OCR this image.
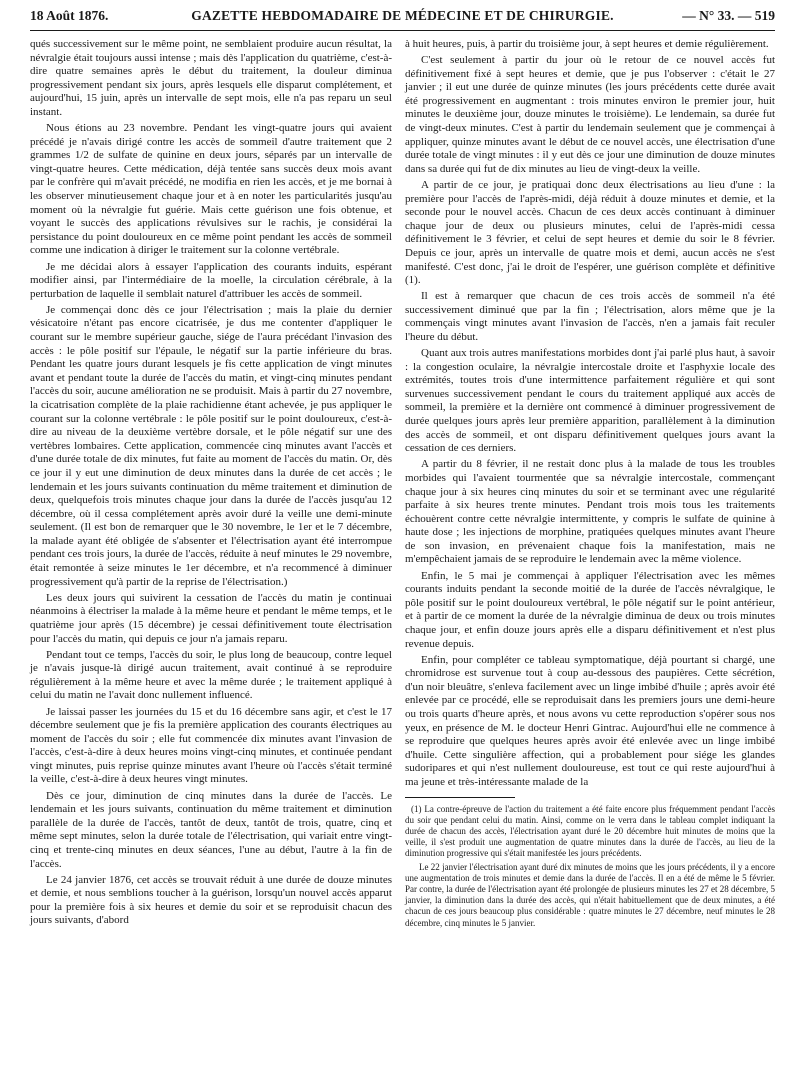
18 Août 1876.	GAZETTE HEBDOMADAIRE DE MÉDECINE ET DE CHIRURGIE.	— N° 33. — 519

qués successivement sur le même point, ne semblaient produire aucun résultat, la névralgie était toujours aussi intense ; mais dès l'application du quatrième, c'est-à-dire quatre semaines après le début du traitement, la douleur diminua progressivement pendant six jours, après lesquels elle disparut complétement, et aujourd'hui, 15 juin, après un intervalle de sept mois, elle n'a pas reparu un seul instant.

Nous étions au 23 novembre. Pendant les vingt-quatre jours qui avaient précédé je n'avais dirigé contre les accès de sommeil d'autre traitement que 2 grammes 1/2 de sulfate de quinine en deux jours, séparés par un intervalle de vingt-quatre heures. Cette médication, déjà tentée sans succès deux mois avant par le confrère qui m'avait précédé, ne modifia en rien les accès, et je me bornai à les observer minutieusement chaque jour et à en noter les particularités jusqu'au moment où la névralgie fut guérie. Mais cette guérison une fois obtenue, et voyant le succès des applications révulsives sur le rachis, je considérai la persistance du point douloureux en ce même point pendant les accès de sommeil comme une indication à diriger le traitement sur la colonne vertébrale.

Je me décidai alors à essayer l'application des courants induits, espérant modifier ainsi, par l'intermédiaire de la moelle, la circulation cérébrale, à la perturbation de laquelle il semblait naturel d'attribuer les accès de sommeil.

Je commençai donc dès ce jour l'électrisation ; mais la plaie du dernier vésicatoire n'étant pas encore cicatrisée, je dus me contenter d'appliquer le courant sur le membre supérieur gauche, siége de l'aura précédant l'invasion des accès : le pôle positif sur l'épaule, le négatif sur la partie inférieure du bras. Pendant les quatre jours durant lesquels je fis cette application de vingt minutes avant et pendant toute la durée de l'accès du matin, et vingt-cinq minutes pendant l'accès du soir, aucune amélioration ne se produisit. Mais à partir du 27 novembre, la cicatrisation complète de la plaie rachidienne étant achevée, je pus appliquer le courant sur la colonne vertébrale : le pôle positif sur le point douloureux, c'est-à-dire au niveau de la deuxième vertèbre dorsale, et le pôle négatif sur une des vertèbres lombaires. Cette application, commencée cinq minutes avant l'accès et d'une durée totale de dix minutes, fut faite au moment de l'accès du matin. Or, dès ce jour il y eut une diminution de deux minutes dans la durée de cet accès ; le lendemain et les jours suivants continuation du même traitement et diminution de deux, quelquefois trois minutes chaque jour dans la durée de l'accès jusqu'au 12 décembre, où il cessa complétement après avoir duré la veille une demi-minute seulement. (Il est bon de remarquer que le 30 novembre, le 1er et le 7 décembre, la malade ayant été obligée de s'absenter et l'électrisation ayant été interrompue pendant ces trois jours, la durée de l'accès, réduite à neuf minutes le 29 novembre, était remontée à seize minutes le 1er décembre, et n'a recommencé à diminuer progressivement qu'à partir de la reprise de l'électrisation.)

Les deux jours qui suivirent la cessation de l'accès du matin je continuai néanmoins à électriser la malade à la même heure et pendant le même temps, et le quatrième jour après (15 décembre) je cessai définitivement toute électrisation pour l'accès du matin, qui depuis ce jour n'a jamais reparu.

Pendant tout ce temps, l'accès du soir, le plus long de beaucoup, contre lequel je n'avais jusque-là dirigé aucun traitement, avait continué à se reproduire régulièrement à la même heure et avec la même durée ; le traitement appliqué à celui du matin ne l'avait donc nullement influencé.

Je laissai passer les journées du 15 et du 16 décembre sans agir, et c'est le 17 décembre seulement que je fis la première application des courants électriques au moment de l'accès du soir ; elle fut commencée dix minutes avant l'invasion de l'accès, c'est-à-dire à deux heures moins vingt-cinq minutes, et continuée pendant vingt minutes, puis reprise quinze minutes avant l'heure où l'accès s'était terminé la veille, c'est-à-dire à deux heures vingt minutes.

Dès ce jour, diminution de cinq minutes dans la durée de l'accès. Le lendemain et les jours suivants, continuation du même traitement et diminution parallèle de la durée de l'accès, tantôt de deux, tantôt de trois, quatre, cinq et même sept minutes, selon la durée totale de l'électrisation, qui variait entre vingt-cinq et trente-cinq minutes en deux séances, l'une au début, l'autre à la fin de l'accès.

Le 24 janvier 1876, cet accès se trouvait réduit à une durée de douze minutes et demie, et nous semblions toucher à la guérison, lorsqu'un nouvel accès apparut pour la première fois à six heures et demie du soir et se reproduisit chacun des jours suivants, d'abord

à huit heures, puis, à partir du troisième jour, à sept heures et demie régulièrement.

C'est seulement à partir du jour où le retour de ce nouvel accès fut définitivement fixé à sept heures et demie, que je pus l'observer : c'était le 27 janvier ; il eut une durée de quinze minutes (les jours précédents cette durée avait été progressivement en augmentant : trois minutes environ le premier jour, huit minutes le deuxième jour, douze minutes le troisième). Le lendemain, sa durée fut de vingt-deux minutes. C'est à partir du lendemain seulement que je commençai à appliquer, quinze minutes avant le début de ce nouvel accès, une électrisation d'une durée totale de vingt minutes : il y eut dès ce jour une diminution de douze minutes dans sa durée qui fut de dix minutes au lieu de vingt-deux la veille.

A partir de ce jour, je pratiquai donc deux électrisations au lieu d'une : la première pour l'accès de l'après-midi, déjà réduit à douze minutes et demie, et la seconde pour le nouvel accès. Chacun de ces deux accès continuant à diminuer chaque jour de deux ou plusieurs minutes, celui de l'après-midi cessa définitivement le 3 février, et celui de sept heures et demie du soir le 8 février. Depuis ce jour, après un intervalle de quatre mois et demi, aucun accès ne s'est manifesté. C'est donc, j'ai le droit de l'espérer, une guérison complète et définitive (1).

Il est à remarquer que chacun de ces trois accès de sommeil n'a été successivement diminué que par la fin ; l'électrisation, alors même que je la commençais vingt minutes avant l'invasion de l'accès, n'en a jamais fait reculer l'heure du début.

Quant aux trois autres manifestations morbides dont j'ai parlé plus haut, à savoir : la congestion oculaire, la névralgie intercostale droite et l'asphyxie locale des extrémités, toutes trois d'une intermittence parfaitement régulière et qui sont survenues successivement pendant le cours du traitement appliqué aux accès de sommeil, la première et la dernière ont commencé à diminuer progressivement de durée quelques jours après leur première apparition, parallèlement à la diminution des accès de sommeil, et ont disparu définitivement quelques jours avant la cessation de ces derniers.

A partir du 8 février, il ne restait donc plus à la malade de tous les troubles morbides qui l'avaient tourmentée que sa névralgie intercostale, commençant chaque jour à six heures cinq minutes du soir et se terminant avec une régularité parfaite à six heures trente minutes. Pendant trois mois tous les traitements échouèrent contre cette névralgie intermittente, y compris le sulfate de quinine à haute dose ; les injections de morphine, pratiquées quelques minutes avant l'heure de son invasion, en prévenaient chaque fois la manifestation, mais ne m'empêchaient jamais de se reproduire le lendemain avec la même violence.

Enfin, le 5 mai je commençai à appliquer l'électrisation avec les mêmes courants induits pendant la seconde moitié de la durée de l'accès névralgique, le pôle positif sur le point douloureux vertébral, le pôle négatif sur le point antérieur, et à partir de ce moment la durée de la névralgie diminua de deux ou trois minutes chaque jour, et enfin douze jours après elle a disparu définitivement et n'est plus revenue depuis.

Enfin, pour compléter ce tableau symptomatique, déjà pourtant si chargé, une chromidrose est survenue tout à coup au-dessous des paupières. Cette sécrétion, d'un noir bleuâtre, s'enleva facilement avec un linge imbibé d'huile ; après avoir été enlevée par ce procédé, elle se reproduisait dans les premiers jours une demi-heure ou trois quarts d'heure après, et nous avons vu cette reproduction s'opérer sous nos yeux, en présence de M. le docteur Henri Gintrac. Aujourd'hui elle ne commence à se reproduire que quelques heures après avoir été enlevée avec un linge imbibé d'huile. Cette singulière affection, qui a probablement pour siége les glandes sudoripares et qui n'est nullement douloureuse, est tout ce qui reste aujourd'hui à ma jeune et très-intéressante malade de la

(1) La contre-épreuve de l'action du traitement a été faite encore plus fréquemment pendant l'accès du soir que pendant celui du matin. Ainsi, comme on le verra dans le tableau complet indiquant la durée de chacun des accès, l'électrisation ayant duré le 20 décembre huit minutes de moins que la veille, il s'est produit une augmentation de quatre minutes dans la durée de l'accès, au lieu de la diminution progressive qui s'était manifestée les jours précédents.

Le 22 janvier l'électrisation ayant duré dix minutes de moins que les jours précédents, il y a encore une augmentation de trois minutes et demie dans la durée de l'accès. Il en a été de même le 5 février. Par contre, la durée de l'électrisation ayant été prolongée de plusieurs minutes les 27 et 28 décembre, 5 janvier, la diminution dans la durée des accès, qui n'était habituellement que de deux minutes, a été chacun de ces jours beaucoup plus considérable : quatre minutes le 27 décembre, neuf minutes le 28 décembre, cinq minutes le 5 janvier.
